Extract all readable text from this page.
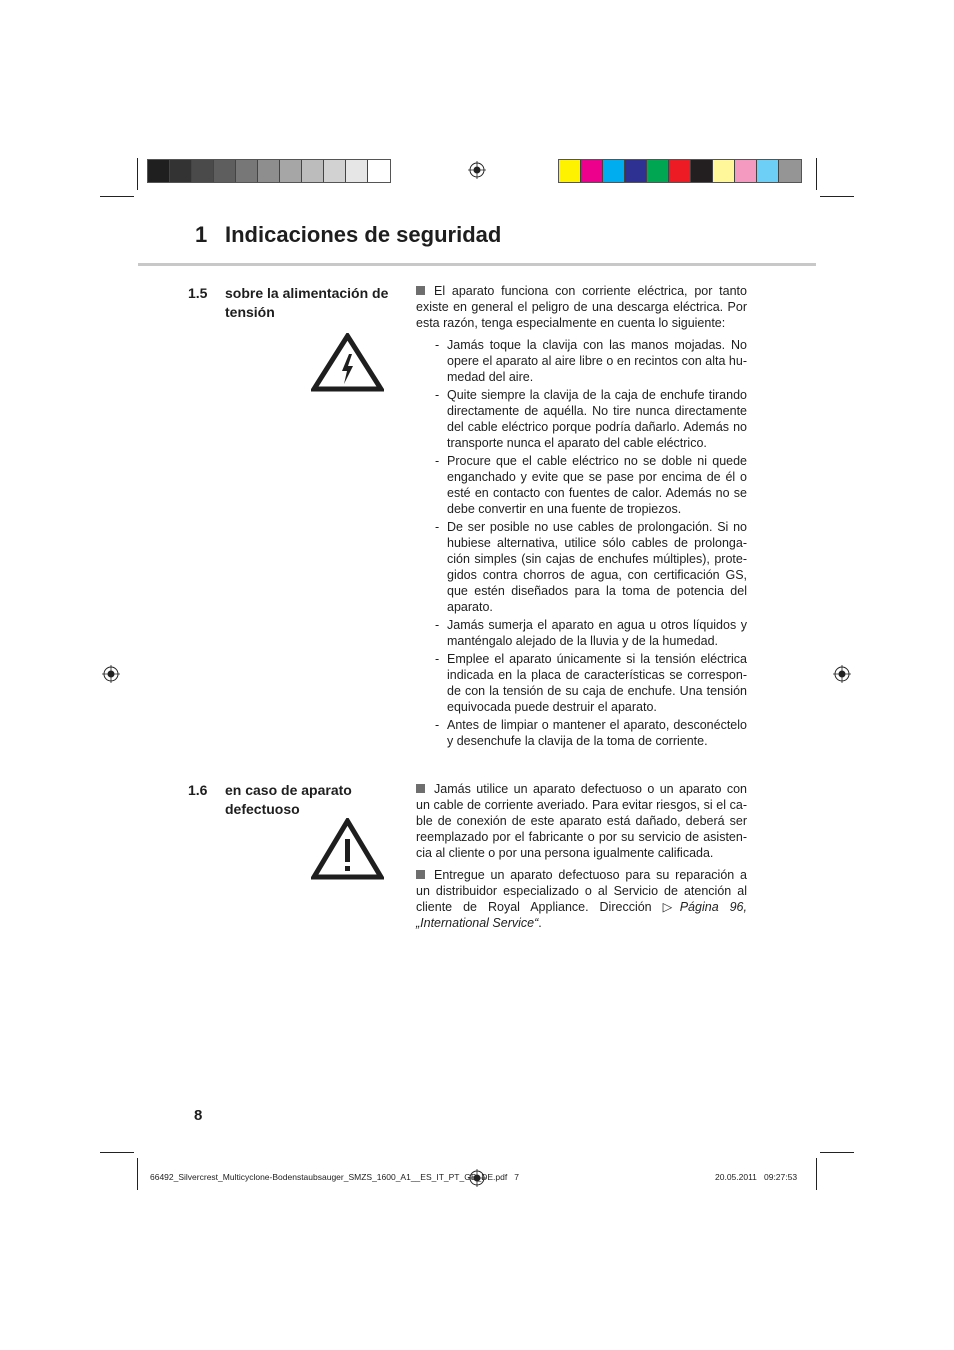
1 Indicaciones de seguridad
1.5 sobre la alimentación de tensión

El aparato funciona con corriente eléctrica, por tanto existe en general el peligro de una descarga eléctrica. Por esta razón, tenga especialmente en cuenta lo siguiente:

- Jamás toque la clavija con las manos mojadas. No opere el aparato al aire libre o en recintos con alta hu-medad del aire.
- Quite siempre la clavija de la caja de enchufe tirando directamente de aquélla. No tire nunca directamente del cable eléctrico porque podría dañarlo. Además no transporte nunca el aparato del cable eléctrico.
- Procure que el cable eléctrico no se doble ni quede enganchado y evite que se pase por encima de él o esté en contacto con fuentes de calor. Además no se debe convertir en una fuente de tropiezos.
- De ser posible no use cables de prolongación. Si no hubiese alternativa, utilice sólo cables de prolonga-ción simples (sin cajas de enchufes múltiples), prote-gidos contra chorros de agua, con certificación GS, que estén diseñados para la toma de potencia del aparato.
- Jamás sumerja el aparato en agua u otros líquidos y manténgalo alejado de la lluvia y de la humedad.
- Emplee el aparato únicamente si la tensión eléctrica indicada en la placa de características se correspon-de con la tensión de su caja de enchufe. Una tensión equivocada puede destruir el aparato.
- Antes de limpiar o mantener el aparato, desconéctelo y desenchufe la clavija de la toma de corriente.
1.6 en caso de aparato defectuoso

Jamás utilice un aparato defectuoso o un aparato con un cable de corriente averiado. Para evitar riesgos, si el ca-ble de conexión de este aparato está dañado, deberá ser reemplazado por el fabricante o por su servicio de asisten-cia al cliente o por una persona igualmente calificada.

Entregue un aparato defectuoso para su reparación a un distribuidor especializado o al Servicio de atención al cliente de Royal Appliance. Dirección ▷Página 96, „International Service“.

8
66492_Silvercrest_Multicyclone-Bodenstaubsauger_SMZS_1600_A1__ES_IT_PT_GB_DE.pdf   7	20.05.2011   09:27:53
